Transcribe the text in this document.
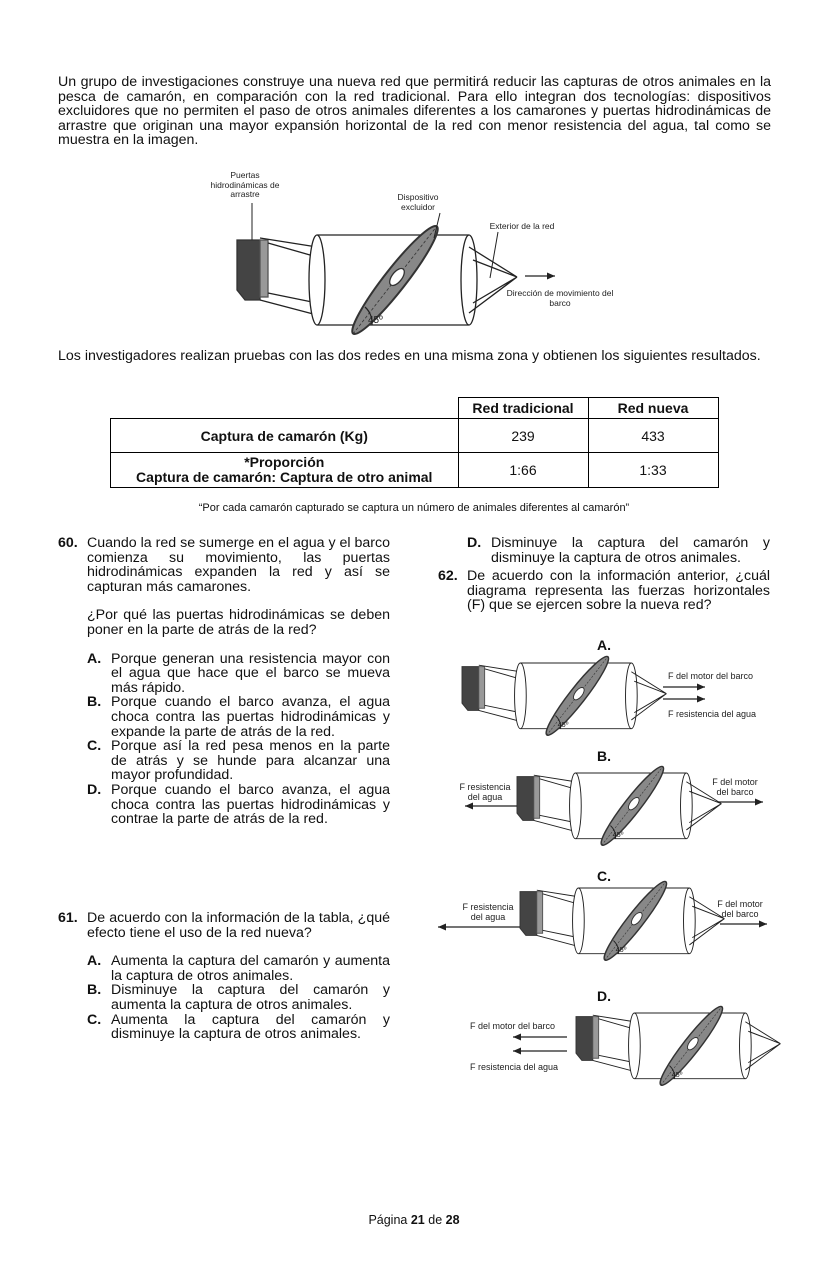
45º
45º
45º
45º
45º
Un grupo de investigaciones construye una nueva red que permitirá reducir las capturas de otros animales en la pesca de camarón, en comparación con la red tradicional. Para ello integran dos tecnologías: dispositivos excluidores que no permiten el paso de otros animales diferentes a los camarones y puertas hidrodinámicas de arrastre que originan una mayor expansión horizontal de la red con menor resistencia del agua, tal como se muestra en la imagen.
Puertas hidrodinámicas de arrastre	Dispositivo excluidor
Exterior de la red
Dirección de movimiento del barco
Los investigadores realizan pruebas con las dos redes en una misma zona y obtienen los siguientes resultados.
	Red tradicional	Red nueva
Captura de camarón (Kg)	239	433

*Proporción
Captura de camarón: Captura de otro animal	1:66	1:33
“Por cada camarón capturado se captura un número de animales diferentes al camarón”
60. Cuando la red se sumerge en el agua y el barco comienza su movimiento, las puertas hidrodinámicas expanden la red y así se capturan más camarones.
¿Por qué las puertas hidrodinámicas se deben poner en la parte de atrás de la red?
A. Porque generan una resistencia mayor con el agua que hace que el barco se mueva más rápido.
B. Porque cuando el barco avanza, el agua choca contra las puertas hidrodinámicas y expande la parte de atrás de la red.
C. Porque así la red pesa menos en la parte de atrás y se hunde para alcanzar una mayor profundidad.
D. Porque cuando el barco avanza, el agua choca contra las puertas hidrodinámicas y contrae la parte de atrás de la red.
61. De acuerdo con la información de la tabla, ¿qué efecto tiene el uso de la red nueva?
A. Aumenta la captura del camarón y aumenta la captura de otros animales.
B. Disminuye la captura del camarón y aumenta la captura de otros animales.
C. Aumenta la captura del camarón y disminuye la captura de otros animales.
D. Disminuye la captura del camarón y disminuye la captura de otros animales.
62. De acuerdo con la información anterior, ¿cuál diagrama representa las fuerzas horizontales (F) que se ejercen sobre la nueva red?
A.
F del motor del barco
F resistencia del agua
B.
F resistencia del agua
F del motor del barco
C.
F resistencia del agua
F del motor del barco
D.
F del motor del barco
F resistencia del agua
Página 21 de 28
